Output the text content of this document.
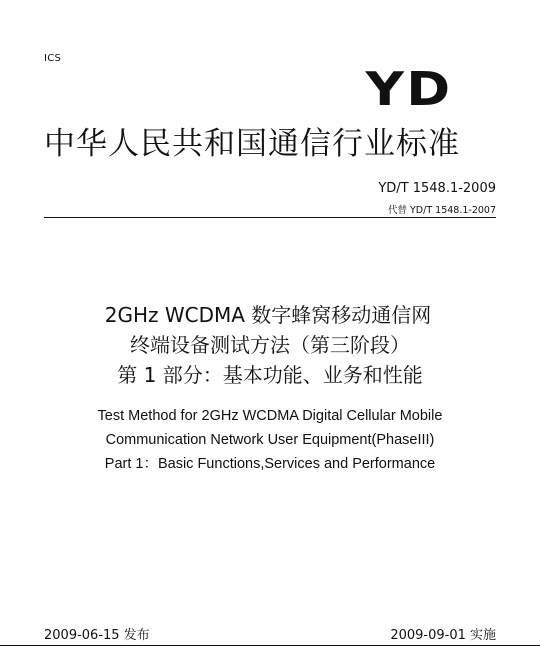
ICS
YD
中华人民共和国通信行业标准
YD/T 1548.1-2009
代替 YD/T 1548.1-2007
2GHz WCDMA 数字蜂窝移动通信网
终端设备测试方法（第三阶段）
第 1 部分：基本功能、业务和性能
Test Method for 2GHz WCDMA Digital Cellular Mobile
Communication Network User Equipment(PhaseIII)
Part 1：Basic Functions,Services and Performance
2009-06-15 发布	2009-09-01 实施
